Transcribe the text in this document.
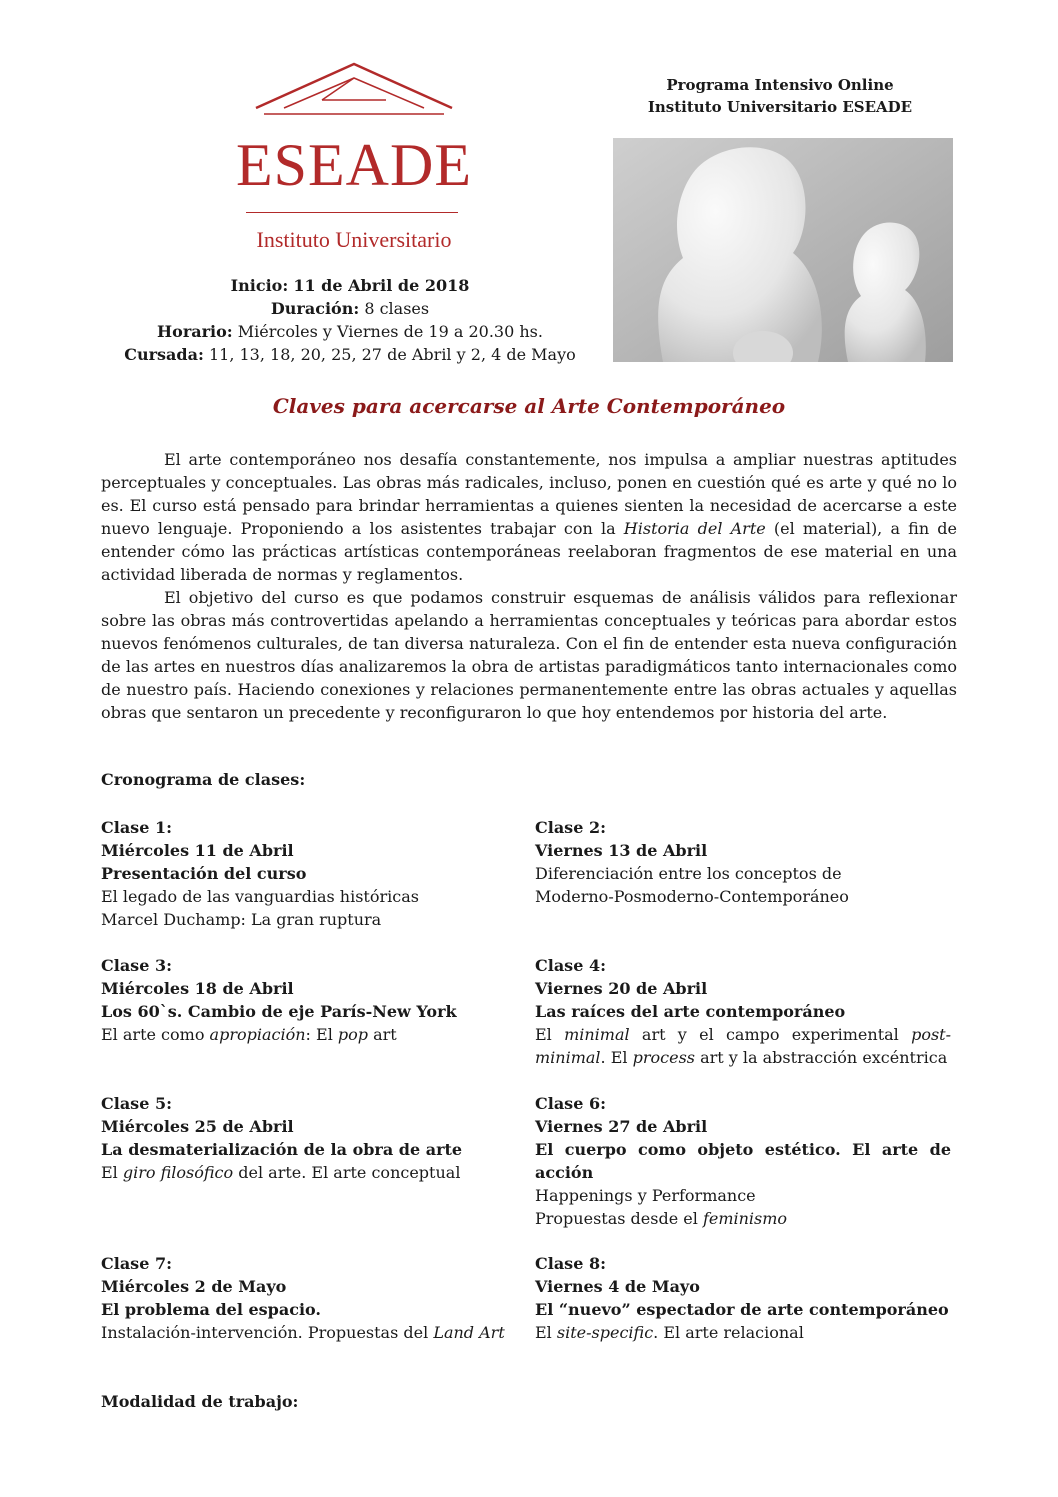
ESEADE
Instituto Universitario
Programa Intensivo Online
Instituto Universitario ESEADE
Inicio: 11 de Abril de 2018
Duración: 8 clases
Horario: Miércoles y Viernes de 19 a 20.30 hs.
Cursada: 11, 13, 18, 20, 25, 27 de Abril y 2, 4 de Mayo
Claves para acercarse al Arte Contemporáneo

El arte contemporáneo nos desafía constantemente, nos impulsa a ampliar nuestras aptitudes perceptuales y conceptuales. Las obras más radicales, incluso, ponen en cuestión qué es arte y qué no lo es. El curso está pensado para brindar herramientas a quienes sienten la necesidad de acercarse a este nuevo lenguaje. Proponiendo a los asistentes trabajar con la Historia del Arte (el material), a fin de entender cómo las prácticas artísticas contemporáneas reelaboran fragmentos de ese material en una actividad liberada de normas y reglamentos.

El objetivo del curso es que podamos construir esquemas de análisis válidos para reflexionar sobre las obras más controvertidas apelando a herramientas conceptuales y teóricas para abordar estos nuevos fenómenos culturales, de tan diversa naturaleza. Con el fin de entender esta nueva configuración de las artes en nuestros días analizaremos la obra de artistas paradigmáticos tanto internacionales como de nuestro país. Haciendo conexiones y relaciones permanentemente entre las obras actuales y aquellas obras que sentaron un precedente y reconfiguraron lo que hoy entendemos por historia del arte.

Cronograma de clases:
Clase 1:
Miércoles 11 de Abril
Presentación del curso
El legado de las vanguardias históricas
Marcel Duchamp: La gran ruptura
Clase 2:
Viernes 13 de Abril
Diferenciación entre los conceptos de
Moderno-Posmoderno-Contemporáneo
Clase 3:
Miércoles 18 de Abril
Los 60`s. Cambio de eje París-New York
El arte como apropiación: El pop art
Clase 4:
Viernes 20 de Abril
Las raíces del arte contemporáneo
El minimal art y el campo experimental post-minimal. El process art y la abstracción excéntrica
Clase 5:
Miércoles 25 de Abril
La desmaterialización de la obra de arte
El giro filosófico del arte. El arte conceptual
Clase 6:
Viernes 27 de Abril
El cuerpo como objeto estético. El arte de acción
Happenings y Performance
Propuestas desde el feminismo
Clase 7:
Miércoles 2 de Mayo
El problema del espacio.
Instalación-intervención. Propuestas del Land Art
Clase 8:
Viernes 4 de Mayo
El “nuevo” espectador de arte contemporáneo
El site-specific. El arte relacional
Modalidad de trabajo:
